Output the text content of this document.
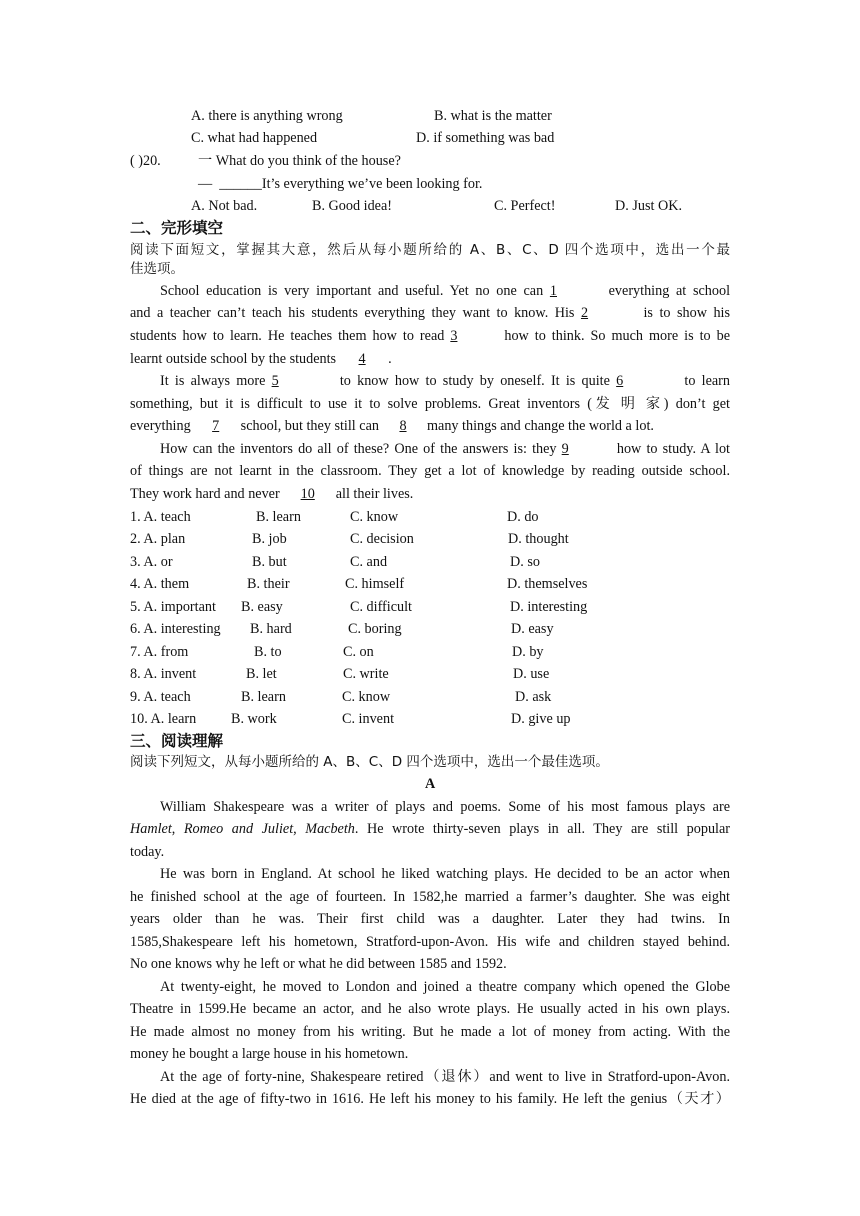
A. there is anything wrong	B. what is the matter
C. what had happened	D. if something was bad
( )20.	一 What do you think of the house?
— ______It’s everything we’ve been looking for.
A. Not bad.	B. Good idea!	C. Perfect!	D. Just OK.
二、完形填空
阅读下面短文，掌握其大意，然后从每小题所给的 A、B、C、D 四个选项中，选出一个最
佳选项。
School education is very important and useful. Yet no one can 1	everything at school
and a teacher can’t teach his students everything they want to know. His 2	is to show his
students how to learn. He teaches them how to read 3	how to think. So much more is to be
learnt outside school by the students 4 .
It is always more 5	to know how to study by oneself. It is quite 6	to learn
something, but it is difficult to use it to solve problems. Great inventors (发 明 家) don’t get
everything 7 school, but they still can 8 many things and change the world a lot.
How can the inventors do all of these? One of the answers is: they 9	how to study. A lot
of things are not learnt in the classroom. They get a lot of knowledge by reading outside school.
They work hard and never 10 all their lives.
1. A. teach	B. learn	C. know	D. do
2. A. plan	B. job	C. decision	D. thought
3. A. or	B. but	C. and	D. so
4. A. them	B. their	C. himself	D. themselves
5. A. important B. easy	C. difficult	D. interesting
6. A. interesting B. hard	C. boring	D. easy
7. A. from	B. to	C. on	D. by
8. A. invent	B. let	C. write	D. use
9. A. teach	B. learn	C. know	D. ask
10. A. learn B. work	C. invent	D. give up
三、阅读理解
阅读下列短文，从每小题所给的 A、B、C、D 四个选项中，选出一个最佳选项。
A
William Shakespeare was a writer of plays and poems. Some of his most famous plays are
Hamlet, Romeo and Juliet, Macbeth. He wrote thirty-seven plays in all. They are still popular
today.
He was born in England. At school he liked watching plays. He decided to be an actor when
he finished school at the age of fourteen. In 1582,he married a farmer’s daughter. She was eight
years older than he was. Their first child was a daughter. Later they had twins. In
1585,Shakespeare left his hometown, Stratford-upon-Avon. His wife and children stayed behind.
No one knows why he left or what he did between 1585 and 1592.
At twenty-eight, he moved to London and joined a theatre company which opened the Globe
Theatre in 1599.He became an actor, and he also wrote plays. He usually acted in his own plays.
He made almost no money from his writing. But he made a lot of money from acting. With the
money he bought a large house in his hometown.
At the age of forty-nine, Shakespeare retired（退休）and went to live in Stratford-upon-Avon.
He died at the age of fifty-two in 1616. He left his money to his family. He left the genius（天才）
